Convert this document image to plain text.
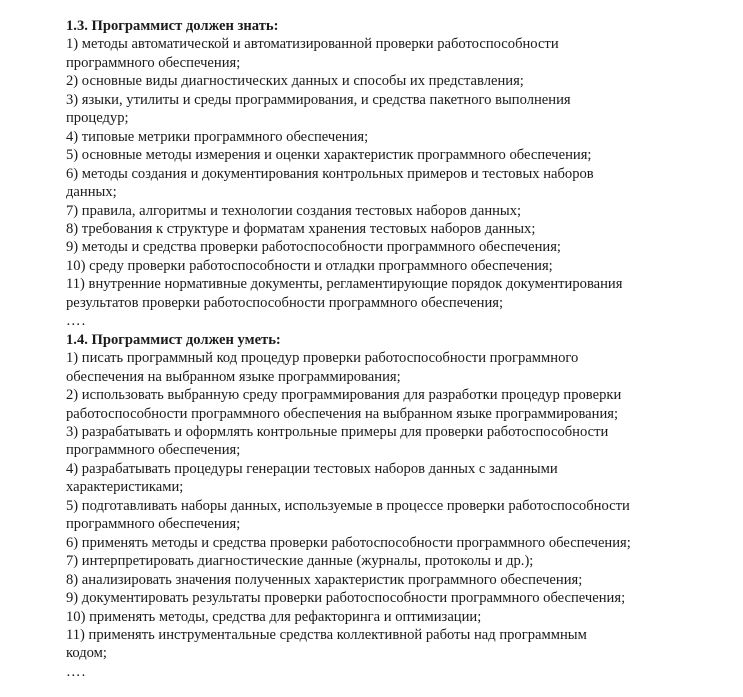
1.3. Программист должен знать:

1) методы автоматической и автоматизированной проверки работоспособности

программного обеспечения;

2) основные виды диагностических данных и способы их представления;

3) языки, утилиты и среды программирования, и средства пакетного выполнения

процедур;

4) типовые метрики программного обеспечения;

5) основные методы измерения и оценки характеристик программного обеспечения;

6) методы создания и документирования контрольных примеров и тестовых наборов

данных;

7) правила, алгоритмы и технологии создания тестовых наборов данных;

8) требования к структуре и форматам хранения тестовых наборов данных;

9) методы и средства проверки работоспособности программного обеспечения;

10) среду проверки работоспособности и отладки программного обеспечения;

11) внутренние нормативные документы, регламентирующие порядок документирования

результатов проверки работоспособности программного обеспечения;

….

1.4. Программист должен уметь:

1) писать программный код процедур проверки работоспособности программного

обеспечения на выбранном языке программирования;

2) использовать выбранную среду программирования для разработки процедур проверки

работоспособности программного обеспечения на выбранном языке программирования;

3) разрабатывать и оформлять контрольные примеры для проверки работоспособности

программного обеспечения;

4) разрабатывать процедуры генерации тестовых наборов данных с заданными

характеристиками;

5) подготавливать наборы данных, используемые в процессе проверки работоспособности

программного обеспечения;

6) применять методы и средства проверки работоспособности программного обеспечения;

7) интерпретировать диагностические данные (журналы, протоколы и др.);

8) анализировать значения полученных характеристик программного обеспечения;

9) документировать результаты проверки работоспособности программного обеспечения;

10) применять методы, средства для рефакторинга и оптимизации;

11) применять инструментальные средства коллективной работы над программным

кодом;

….
